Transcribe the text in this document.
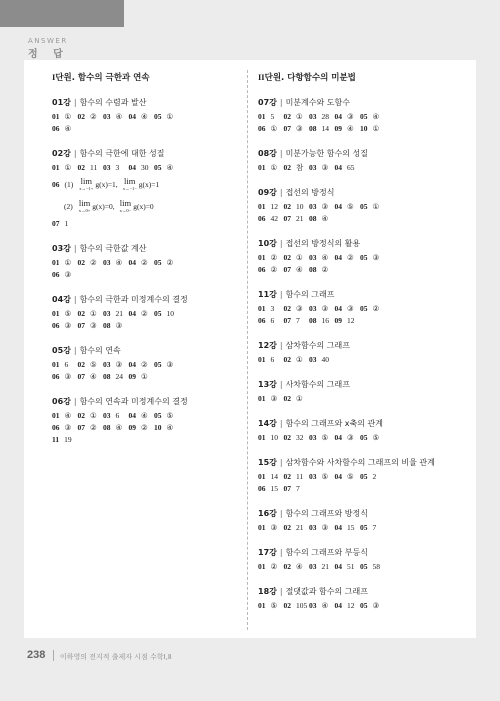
ANSWER
정 답
I단원. 함수의 극한과 연속
01강 | 함수의 수렴과 발산
01 ① 02 ② 03 ④ 04 ④ 05 ①
06 ④
02강 | 함수의 극한에 대한 성질
01 ① 02 11 03 3 04 30 05 ④
06 (1) lim
x→−1+ g(x) =1, lim
x→−1− g(x) =1
(2) lim
x→0+ g(x) =0, lim
x→0− g(x) =0
07 1
03강 | 함수의 극한값 계산
01 ① 02 ② 03 ④ 04 ② 05 ②
06 ③
04강 | 함수의 극한과 미정계수의 결정
01 ⑤ 02 ① 03 21 04 ② 05 10
06 ③ 07 ③ 08 ③
05강 | 함수의 연속
01 6 02 ⑤ 03 ③ 04 ② 05 ③
06 ③ 07 ④ 08 24 09 ①
06강 | 함수의 연속과 미정계수의 결정
01 ④ 02 ① 03 6 04 ④ 05 ⑤
06 ③ 07 ② 08 ④ 09 ② 10 ④
11 19
II단원. 다항함수의 미분법
07강 | 미분계수와 도함수
01 5 02 ① 03 28 04 ③ 05 ④
06 ① 07 ③ 08 14 09 ④ 10 ①
08강 | 미분가능한 함수의 성질
01 ① 02 참 03 ③ 04 65
09강 | 접선의 방정식
01 12 02 10 03 ③ 04 ⑤ 05 ①
06 42 07 21 08 ④
10강 | 접선의 방정식의 활용
01 ② 02 ① 03 ④ 04 ② 05 ③
06 ② 07 ④ 08 ②
11강 | 함수의 그래프
01 3 02 ③ 03 ③ 04 ③ 05 ②
06 6 07 7 08 16 09 12
12강 | 삼차함수의 그래프
01 6 02 ① 03 40
13강 | 사차함수의 그래프
01 ③ 02 ①
14강 | 함수의 그래프와 x축의 관계
01 10 02 32 03 ⑤ 04 ③ 05 ⑤
15강 | 삼차함수와 사차함수의 그래프의 비율 관계
01 14 02 11 03 ⑤ 04 ⑤ 05 2
06 15 07 7
16강 | 함수의 그래프와 방정식
01 ③ 02 21 03 ③ 04 15 05 7
17강 | 함수의 그래프와 부등식
01 ② 02 ④ 03 21 04 51 05 58
18강 | 절댓값과 함수의 그래프
01 ⑤ 02 105 03 ④ 04 12 05 ③
238 이하영의 전지적 출제자 시점 수학Ⅰ,Ⅱ
